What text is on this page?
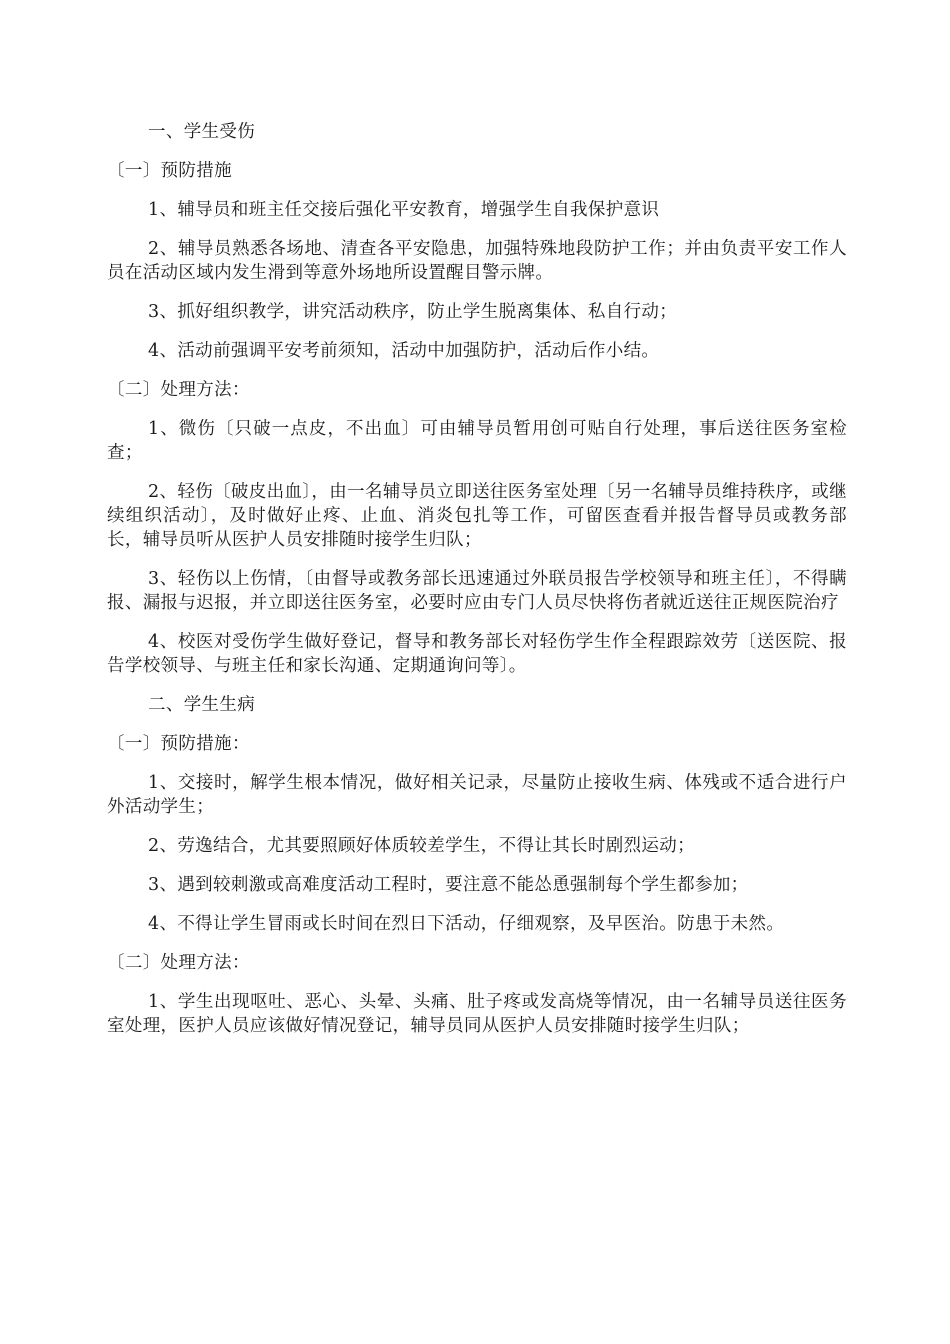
一、学生受伤

〔一〕预防措施

1、辅导员和班主任交接后强化平安教育，增强学生自我保护意识

2、辅导员熟悉各场地、清查各平安隐患，加强特殊地段防护工作；并由负责平安工作人员在活动区域内发生滑到等意外场地所设置醒目警示牌。

3、抓好组织教学，讲究活动秩序，防止学生脱离集体、私自行动；

4、活动前强调平安考前须知，活动中加强防护，活动后作小结。

〔二〕处理方法：

1、微伤〔只破一点皮，不出血〕可由辅导员暂用创可贴自行处理，事后送往医务室检查；

2、轻伤〔破皮出血〕，由一名辅导员立即送往医务室处理〔另一名辅导员维持秩序，或继续组织活动〕，及时做好止疼、止血、消炎包扎等工作，可留医查看并报告督导员或教务部长，辅导员听从医护人员安排随时接学生归队；

3、轻伤以上伤情，〔由督导或教务部长迅速通过外联员报告学校领导和班主任〕，不得瞒报、漏报与迟报，并立即送往医务室，必要时应由专门人员尽快将伤者就近送往正规医院治疗

4、校医对受伤学生做好登记，督导和教务部长对轻伤学生作全程跟踪效劳〔送医院、报告学校领导、与班主任和家长沟通、定期通询问等〕。

二、学生生病

〔一〕预防措施：

1、交接时，解学生根本情况，做好相关记录，尽量防止接收生病、体残或不适合进行户外活动学生；

2、劳逸结合，尤其要照顾好体质较差学生，不得让其长时剧烈运动；

3、遇到较刺激或高难度活动工程时，要注意不能怂恿强制每个学生都参加；

4、不得让学生冒雨或长时间在烈日下活动，仔细观察，及早医治。防患于未然。

〔二〕处理方法：

1、学生出现呕吐、恶心、头晕、头痛、肚子疼或发高烧等情况，由一名辅导员送往医务室处理，医护人员应该做好情况登记，辅导员同从医护人员安排随时接学生归队；
